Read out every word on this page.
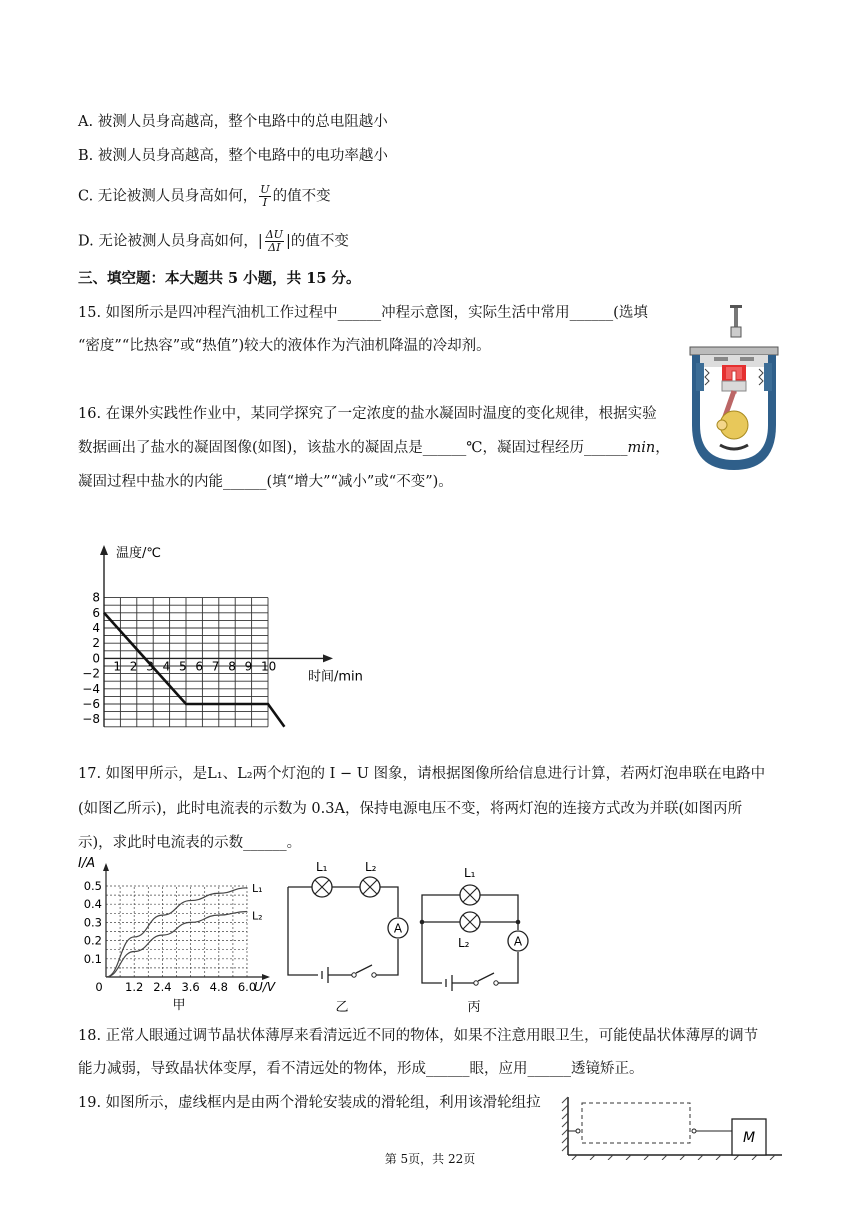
A. 被测人员身高越高，整个电路中的总电阻越小
B. 被测人员身高越高，整个电路中的电功率越小
C. 无论被测人员身高如何， $\frac{U}{I}$ 的值不变
D. 无论被测人员身高如何，| $\frac{\Delta U}{\Delta I}$ |的值不变
三、填空题：本大题共 5 小题，共 15 分。
15. 如图所示是四冲程汽油机工作过程中______冲程示意图，实际生活中常用______(选填
“密度”“比热容”或“热值”)较大的液体作为汽油机降温的冷却剂。
16. 在课外实践性作业中，某同学探究了一定浓度的盐水凝固时温度的变化规律，根据实验
数据画出了盐水的凝固图像(如图)，该盐水的凝固点是______℃，凝固过程经历______min，
凝固过程中盐水的内能______(填“增大”“减小”或“不变”)。
8
6
4
2
0
−2
−4
−6
−8
1 2 3 4 5 6 7 8 9 10
温度/℃
时间/min
17. 如图甲所示，是L₁、L₂两个灯泡的 I − U 图象，请根据图像所给信息进行计算，若两灯泡串联在电路中
(如图乙所示)，此时电流表的示数为 0.3A，保持电源电压不变，将两灯泡的连接方式改为并联(如图丙所
示)，求此时电流表的示数______。
0.5
0.4
0.3
0.2
0.1
0 1.2 2.4 3.6 4.8 6.0
I/A
U/V
甲
L₁
L₂
A
L₁	L₂
乙
A
L₁
L₂
丙
18. 正常人眼通过调节晶状体薄厚来看清远近不同的物体，如果不注意用眼卫生，可能使晶状体薄厚的调节
能力减弱，导致晶状体变厚，看不清远处的物体，形成______眼，应用______透镜矫正。
19. 如图所示，虚线框内是由两个滑轮安装成的滑轮组，利用该滑轮组拉
M
第 5页，共 22页
